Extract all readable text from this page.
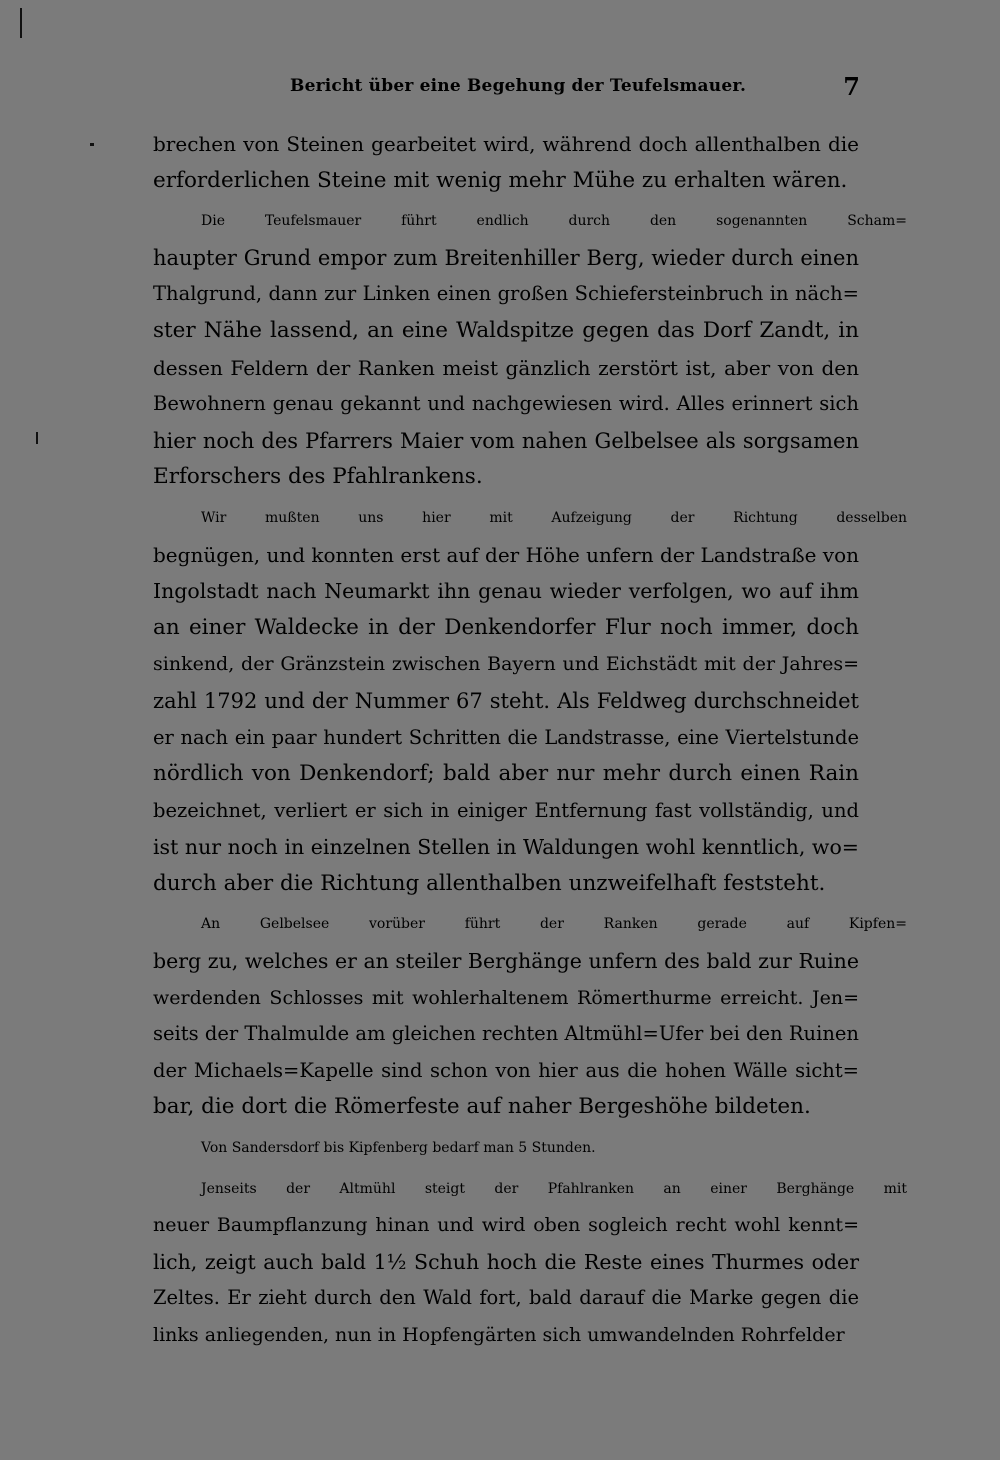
Bericht über eine Begehung der Teufelsmauer.	7
brechen von Steinen gearbeitet wird, während doch allenthalben die
erforderlichen Steine mit wenig mehr Mühe zu erhalten wären.
Die Teufelsmauer führt endlich durch den sogenannten Scham=
haupter Grund empor zum Breitenhiller Berg, wieder durch einen
Thalgrund, dann zur Linken einen großen Schiefersteinbruch in näch=
ster Nähe lassend, an eine Waldspitze gegen das Dorf Zandt, in
dessen Feldern der Ranken meist gänzlich zerstört ist, aber von den
Bewohnern genau gekannt und nachgewiesen wird. Alles erinnert sich
hier noch des Pfarrers Maier vom nahen Gelbelsee als sorgsamen
Erforschers des Pfahlrankens.
Wir mußten uns hier mit Aufzeigung der Richtung desselben
begnügen, und konnten erst auf der Höhe unfern der Landstraße von
Ingolstadt nach Neumarkt ihn genau wieder verfolgen, wo auf ihm
an einer Waldecke in der Denkendorfer Flur noch immer, doch
sinkend, der Gränzstein zwischen Bayern und Eichstädt mit der Jahres=
zahl 1792 und der Nummer 67 steht. Als Feldweg durchschneidet
er nach ein paar hundert Schritten die Landstrasse, eine Viertelstunde
nördlich von Denkendorf; bald aber nur mehr durch einen Rain
bezeichnet, verliert er sich in einiger Entfernung fast vollständig, und
ist nur noch in einzelnen Stellen in Waldungen wohl kenntlich, wo=
durch aber die Richtung allenthalben unzweifelhaft feststeht.
An Gelbelsee vorüber führt der Ranken gerade auf Kipfen=
berg zu, welches er an steiler Berghänge unfern des bald zur Ruine
werdenden Schlosses mit wohlerhaltenem Römerthurme erreicht. Jen=
seits der Thalmulde am gleichen rechten Altmühl=Ufer bei den Ruinen
der Michaels=Kapelle sind schon von hier aus die hohen Wälle sicht=
bar, die dort die Römerfeste auf naher Bergeshöhe bildeten.
Von Sandersdorf bis Kipfenberg bedarf man 5 Stunden.
Jenseits der Altmühl steigt der Pfahlranken an einer Berghänge mit
neuer Baumpflanzung hinan und wird oben sogleich recht wohl kennt=
lich, zeigt auch bald 1½ Schuh hoch die Reste eines Thurmes oder
Zeltes. Er zieht durch den Wald fort, bald darauf die Marke gegen die
links anliegenden, nun in Hopfengärten sich umwandelnden Rohrfelder
